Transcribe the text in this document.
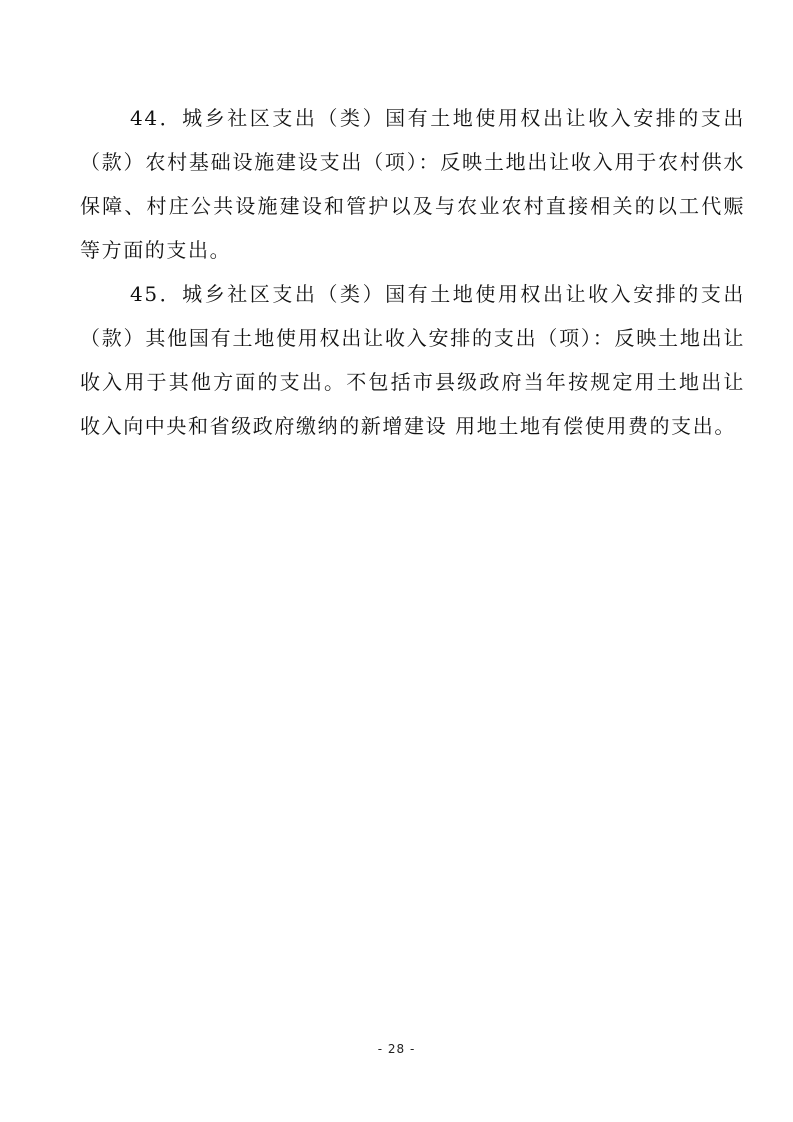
44．城乡社区支出（类）国有土地使用权出让收入安排的支出（款）农村基础设施建设支出（项）：反映土地出让收入用于农村供水保障、村庄公共设施建设和管护以及与农业农村直接相关的以工代赈等方面的支出。

45．城乡社区支出（类）国有土地使用权出让收入安排的支出（款）其他国有土地使用权出让收入安排的支出（项）：反映土地出让收入用于其他方面的支出。不包括市县级政府当年按规定用土地出让收入向中央和省级政府缴纳的新增建设 用地土地有偿使用费的支出。

- 28 -
